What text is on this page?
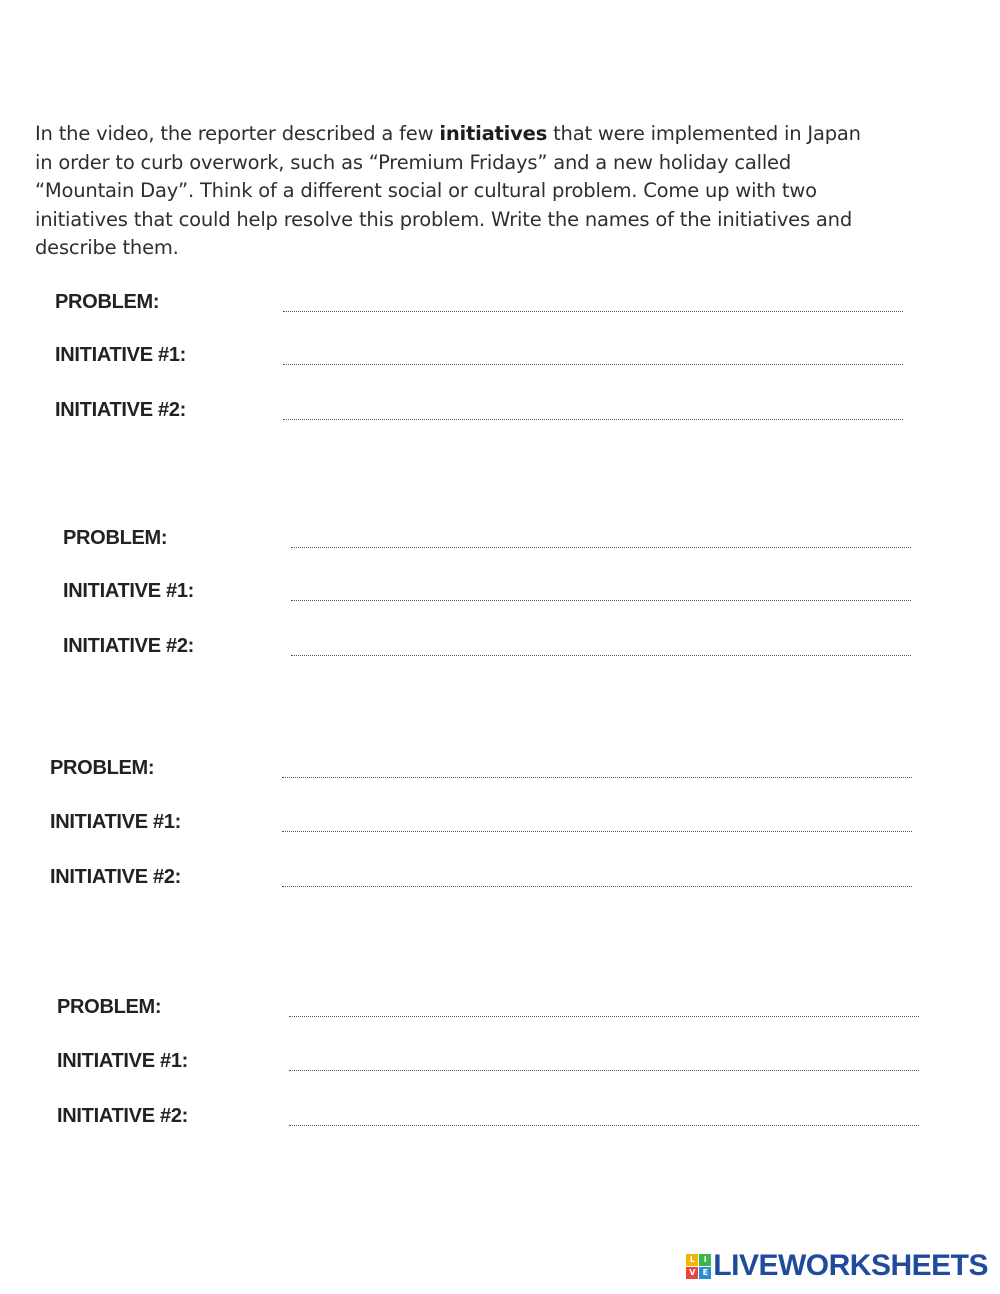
In the video, the reporter described a few initiatives that were implemented in Japan in order to curb overwork, such as “Premium Fridays” and a new holiday called “Mountain Day”. Think of a different social or cultural problem. Come up with two initiatives that could help resolve this problem. Write the names of the initiatives and describe them.
PROBLEM:
INITIATIVE #1:
INITIATIVE #2:
PROBLEM:
INITIATIVE #1:
INITIATIVE #2:
PROBLEM:
INITIATIVE #1:
INITIATIVE #2:
PROBLEM:
INITIATIVE #1:
INITIATIVE #2:
L	I
V E LIVEWORKSHEETS
